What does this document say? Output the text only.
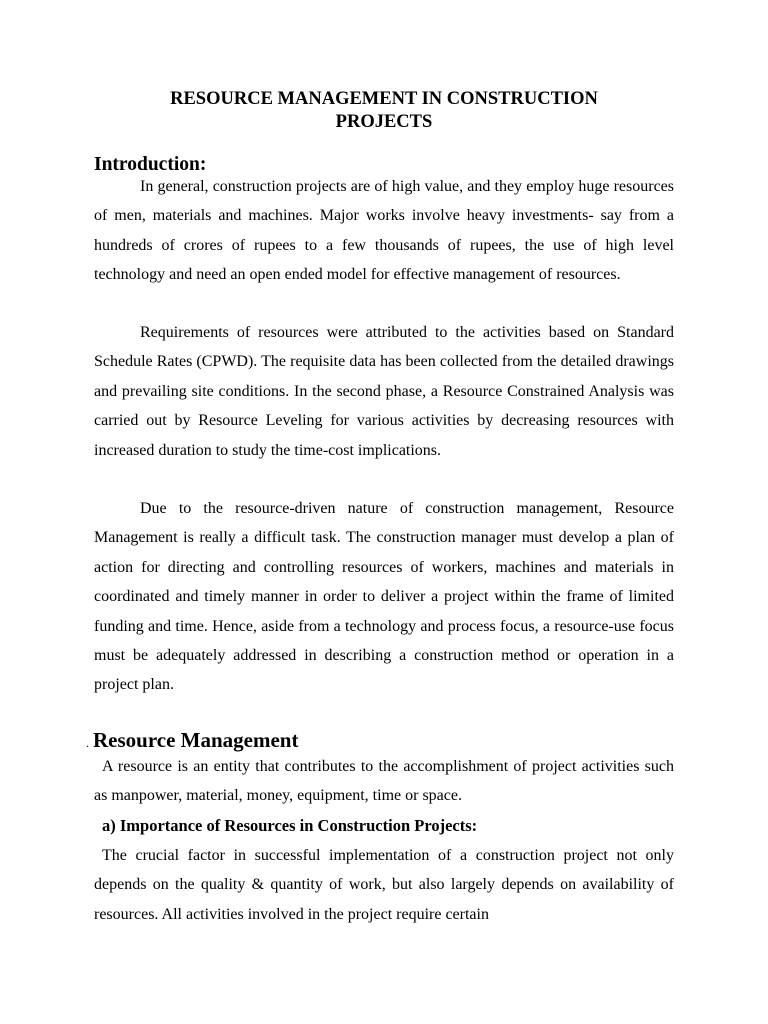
RESOURCE MANAGEMENT IN CONSTRUCTION
PROJECTS
Introduction:

In general, construction projects are of high value, and they employ huge resources of men, materials and machines. Major works involve heavy investments- say from a hundreds of crores of rupees to a few thousands of rupees, the use of high level technology and need an open ended model for effective management of resources.

Requirements of resources were attributed to the activities based on Standard Schedule Rates (CPWD). The requisite data has been collected from the detailed drawings and prevailing site conditions. In the second phase, a Resource Constrained Analysis was carried out by Resource Leveling for various activities by decreasing resources with increased duration to study the time-cost implications.

Due to the resource-driven nature of construction management, Resource Management is really a difficult task. The construction manager must develop a plan of action for directing and controlling resources of workers, machines and materials in coordinated and timely manner in order to deliver a project within the frame of limited funding and time. Hence, aside from a technology and process focus, a resource-use focus must be adequately addressed in describing a construction method or operation in a project plan.

. Resource Management

A resource is an entity that contributes to the accomplishment of project activities such as manpower, material, money, equipment, time or space.

a) Importance of Resources in Construction Projects:

The crucial factor in successful implementation of a construction project not only depends on the quality & quantity of work, but also largely depends on availability of resources. All activities involved in the project require certain
